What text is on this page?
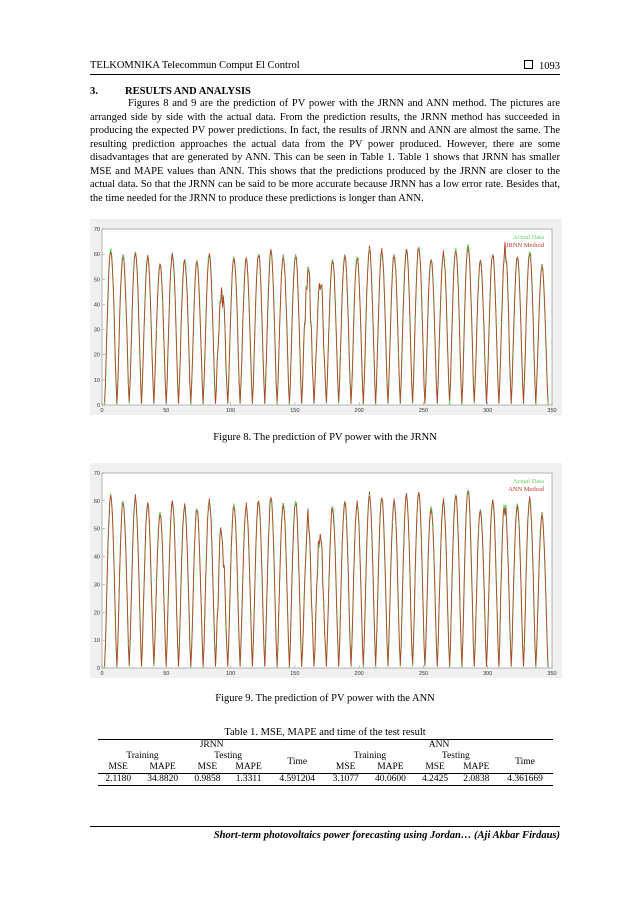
TELKOMNIKA Telecommun Comput El Control	1093
3.	RESULTS AND ANALYSIS

Figures 8 and 9 are the prediction of PV power with the JRNN and ANN method. The pictures are arranged side by side with the actual data. From the prediction results, the JRNN method has succeeded in producing the expected PV power predictions. In fact, the results of JRNN and ANN are almost the same. The resulting prediction approaches the actual data from the PV power produced. However, there are some disadvantages that are generated by ANN. This can be seen in Table 1. Table 1 shows that JRNN has smaller MSE and MAPE values than ANN. This shows that the predictions produced by the JRNN are closer to the actual data. So that the JRNN can be said to be more accurate because JRNN has a low error rate. Besides that, the time needed for the JRNN to produce these predictions is longer than ANN.

0
10
20
30
40
50
60
70
0	50	100	150	200	250	300	350
Actual Data
JRNN Method
Figure 8. The prediction of PV power with the JRNN
0
10
20
30
40
50
60
70
0	50	100	150	200	250	300	350
Actual Data
ANN Method
Figure 9. The prediction of PV power with the ANN
Table 1. MSE, MAPE and time of the test result
JRNN					ANN				
Training		Testing		Time	Training		Testing		Time
MSE	MAPE	MSE	MAPE		MSE	MAPE	MSE	MAPE	
2.1180	34.8820	0.9858	1.3311	4.591204	3.1077	40.0600	4.2425	2.0838	4.361669
Short-term photovoltaics power forecasting using Jordan… (Aji Akbar Firdaus)
